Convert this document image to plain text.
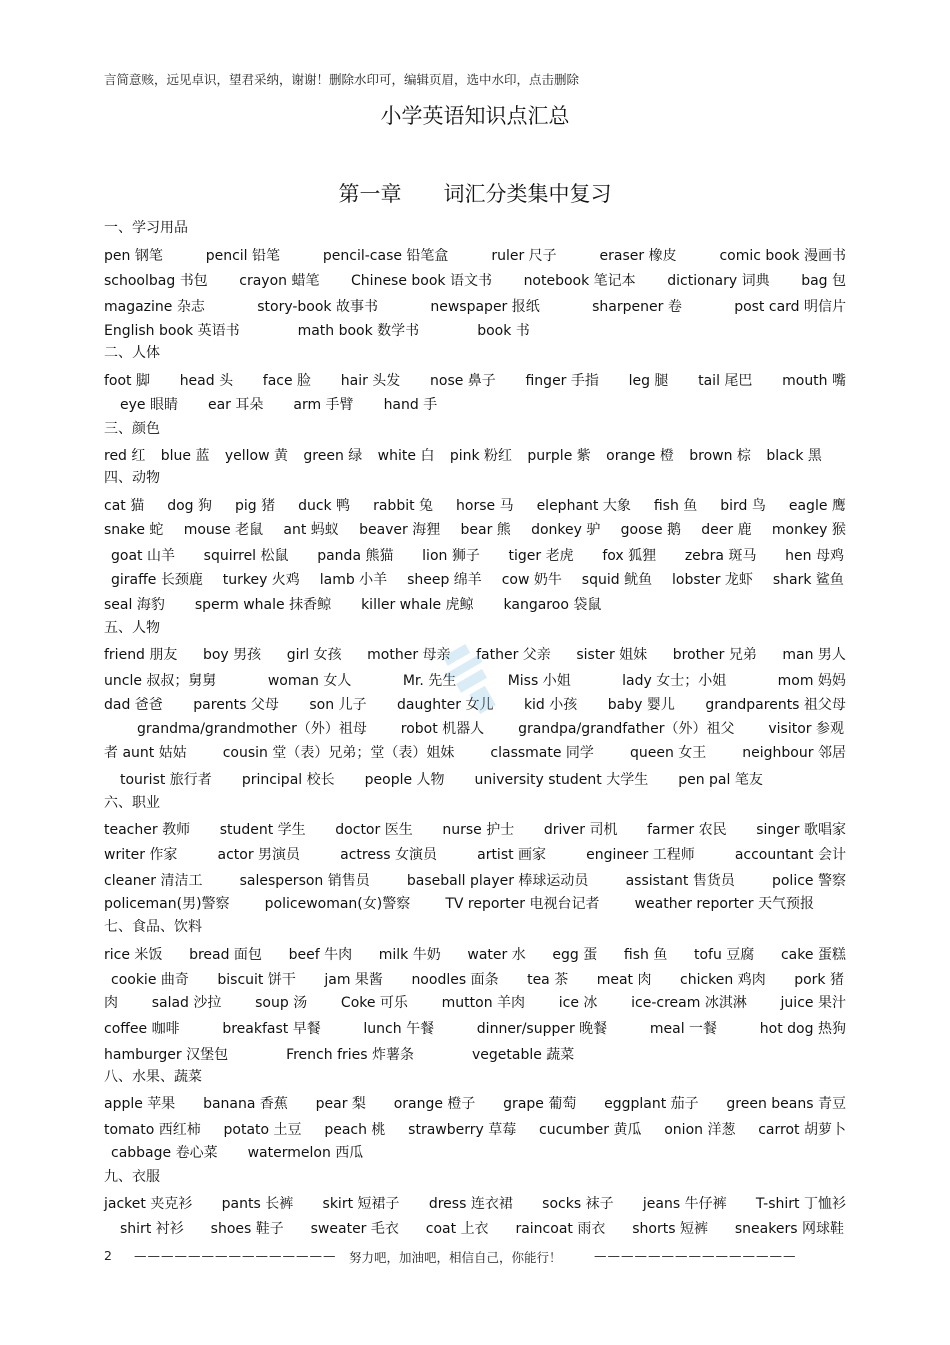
言简意赅，远见卓识，望君采纳，谢谢！删除水印可，编辑页眉，选中水印，点击删除
小学英语知识点汇总
第一章　　词汇分类集中复习
一、学习用品
pen 钢笔	pencil 铅笔	pencil-case 铅笔盒	ruler 尺子	eraser 橡皮	comic book 漫画书
schoolbag 书包 crayon 蜡笔 Chinese book 语文书 notebook 笔记本 dictionary 词典 bag 包
magazine 杂志	story-book 故事书	newspaper 报纸	sharpener 卷	post card 明信片
English book 英语书	math book 数学书	book 书
二、人体
foot 脚 head 头 face 脸 hair 头发 nose 鼻子 finger 手指 leg 腿 tail 尾巴 mouth 嘴
eye 眼睛 ear 耳朵 arm 手臂 hand 手
三、颜色
red 红 blue 蓝 yellow 黄 green 绿 white 白 pink 粉红 purple 紫 orange 橙 brown 棕 black 黑
四、动物
cat 猫 dog 狗 pig 猪 duck 鸭 rabbit 兔 horse 马 elephant 大象 fish 鱼 bird 鸟 eagle 鹰
snake 蛇 mouse 老鼠 ant 蚂蚁 beaver 海狸 bear 熊 donkey 驴 goose 鹅 deer 鹿 monkey 猴
goat 山羊 squirrel 松鼠 panda 熊猫 lion 狮子 tiger 老虎 fox 狐狸 zebra 斑马 hen 母鸡
giraffe 长颈鹿 turkey 火鸡 lamb 小羊 sheep 绵羊 cow 奶牛 squid 鱿鱼 lobster 龙虾 shark 鲨鱼
seal 海豹 sperm whale 抹香鲸 killer whale 虎鲸 kangaroo 袋鼠
五、人物
friend 朋友 boy 男孩 girl 女孩 mother 母亲 father 父亲 sister 姐妹 brother 兄弟 man 男人
uncle 叔叔；舅舅	woman 女人	Mr. 先生	Miss 小姐	lady 女士；小姐	mom 妈妈
dad 爸爸 parents 父母 son 儿子 daughter 女儿 kid 小孩 baby 婴儿 grandparents 祖父母
grandma/grandmother（外）祖母 robot 机器人 grandpa/grandfather（外）祖父 visitor 参观
者 aunt 姑姑	cousin 堂（表）兄弟；堂（表）姐妹	classmate 同学	queen 女王	neighbour 邻居
tourist 旅行者 principal 校长 people 人物 university student 大学生 pen pal 笔友
六、职业
teacher 教师 student 学生 doctor 医生 nurse 护士 driver 司机 farmer 农民 singer 歌唱家
writer 作家	actor 男演员	actress 女演员	artist 画家	engineer 工程师	accountant 会计
cleaner 清洁工	salesperson 销售员	baseball player 棒球运动员	assistant 售货员	police 警察
policeman(男)警察	policewoman(女)警察	TV reporter 电视台记者	weather reporter 天气预报
七、食品、饮料
rice 米饭 bread 面包 beef 牛肉 milk 牛奶 water 水 egg 蛋 fish 鱼 tofu 豆腐 cake 蛋糕
cookie 曲奇 biscuit 饼干 jam 果酱 noodles 面条 tea 茶 meat 肉 chicken 鸡肉 pork 猪
肉 salad 沙拉 soup 汤 Coke 可乐 mutton 羊肉 ice 冰 ice-cream 冰淇淋 juice 果汁
coffee 咖啡	breakfast 早餐	lunch 午餐	dinner/supper 晚餐	meal 一餐	hot dog 热狗
hamburger 汉堡包	French fries 炸薯条	vegetable 蔬菜
八、水果、蔬菜
apple 苹果 banana 香蕉 pear 梨 orange 橙子 grape 葡萄 eggplant 茄子 green beans 青豆
tomato 西红柿 potato 土豆 peach 桃 strawberry 草莓 cucumber 黄瓜 onion 洋葱 carrot 胡萝卜
cabbage 卷心菜 watermelon 西瓜
九、衣服
jacket 夹克衫 pants 长裤 skirt 短裙子 dress 连衣裙 socks 袜子 jeans 牛仔裤 T-shirt 丁恤衫
shirt 衬衫 shoes 鞋子 sweater 毛衣 coat 上衣 raincoat 雨衣 shorts 短裤 sneakers 网球鞋
2 ——————————————— 努力吧，加油吧，相信自己，你能行！	———————————————
